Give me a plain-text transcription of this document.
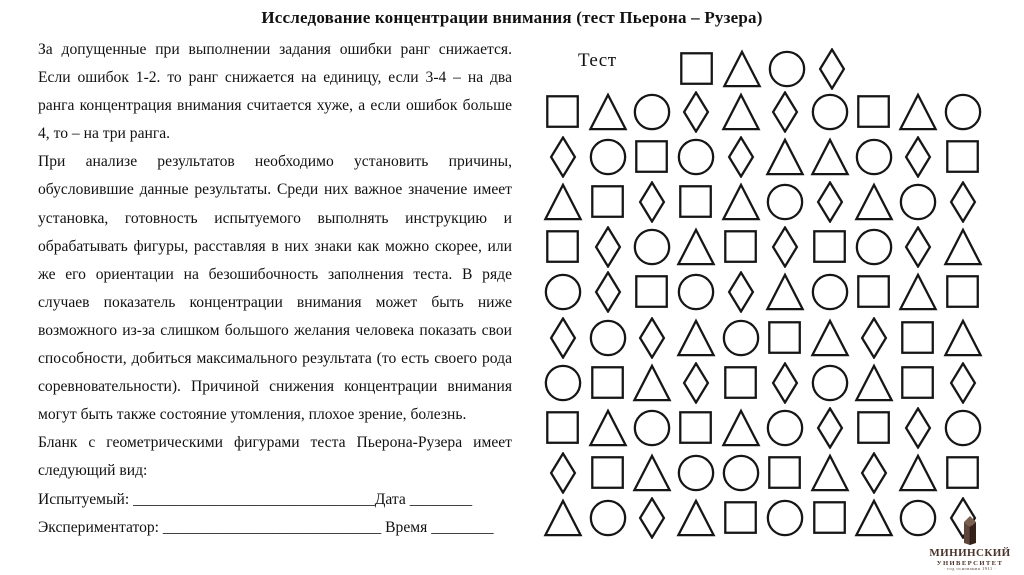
Исследование концентрации внимания (тест Пьерона – Рузера)

За допущенные при выполнении задания ошибки ранг снижается. Если ошибок 1-2. то ранг снижается на единицу, если 3-4 – на два ранга концентрация внимания считается хуже, а если ошибок больше 4, то – на три ранга.

При анализе результатов необходимо установить причины, обусловившие данные результаты. Среди них важное значение имеет установка, готовность испытуемого выполнять инструкцию и обрабатывать фигуры, расставляя в них знаки как можно скорее, или же его ориентации на безошибочность заполнения теста. В ряде случаев показатель концентрации внимания может быть ниже возможного из-за слишком большого желания человека показать свои способности, добиться максимального результата (то есть своего рода соревновательности). Причиной снижения концентрации внимания могут быть также состояние утомления, плохое зрение, болезнь.

Бланк с геометрическими фигурами теста Пьерона-Рузера имеет следующий вид:

Испытуемый: _______________________________Дата ________

Экспериментатор: ____________________________ Время ________

Тест
МИНИНСКИЙ
УНИВЕРСИТЕТ
· год основания 1911 ·
